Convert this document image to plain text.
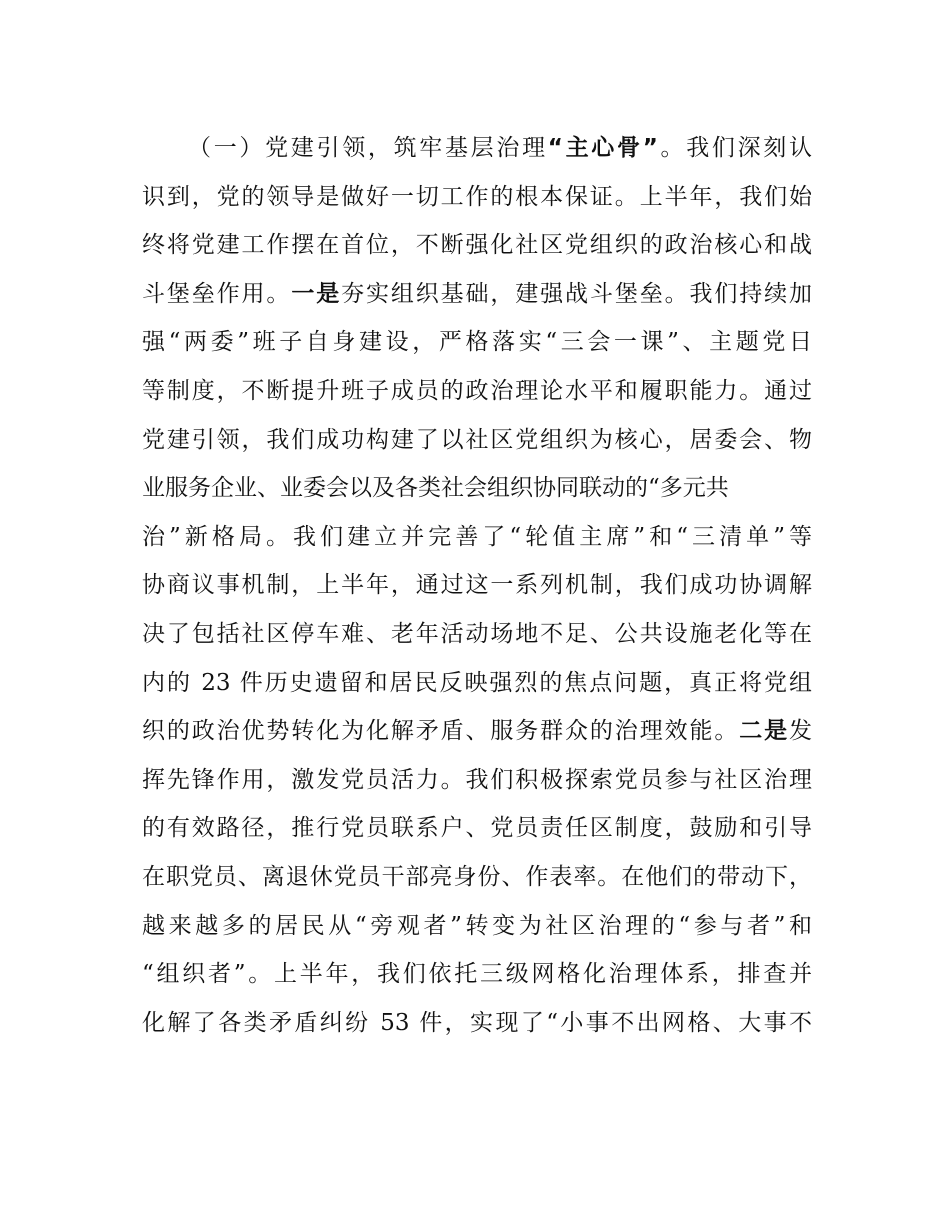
（一）党建引领，筑牢基层治理“主心骨”。我们深刻认
识到，党的领导是做好一切工作的根本保证。上半年，我们始
终将党建工作摆在首位，不断强化社区党组织的政治核心和战
斗堡垒作用。一是夯实组织基础，建强战斗堡垒。我们持续加
强“两委”班子自身建设，严格落实“三会一课”、主题党日
等制度，不断提升班子成员的政治理论水平和履职能力。通过
党建引领，我们成功构建了以社区党组织为核心，居委会、物
业服务企业、业委会以及各类社会组织协同联动的“多元共
治”新格局。我们建立并完善了“轮值主席”和“三清单”等
协商议事机制，上半年，通过这一系列机制，我们成功协调解
决了包括社区停车难、老年活动场地不足、公共设施老化等在
内的 23 件历史遗留和居民反映强烈的焦点问题，真正将党组
织的政治优势转化为化解矛盾、服务群众的治理效能。二是发
挥先锋作用，激发党员活力。我们积极探索党员参与社区治理
的有效路径，推行党员联系户、党员责任区制度，鼓励和引导
在职党员、离退休党员干部亮身份、作表率。在他们的带动下，
越来越多的居民从“旁观者”转变为社区治理的“参与者”和
“组织者”。上半年，我们依托三级网格化治理体系，排查并
化解了各类矛盾纠纷 53 件，实现了“小事不出网格、大事不
